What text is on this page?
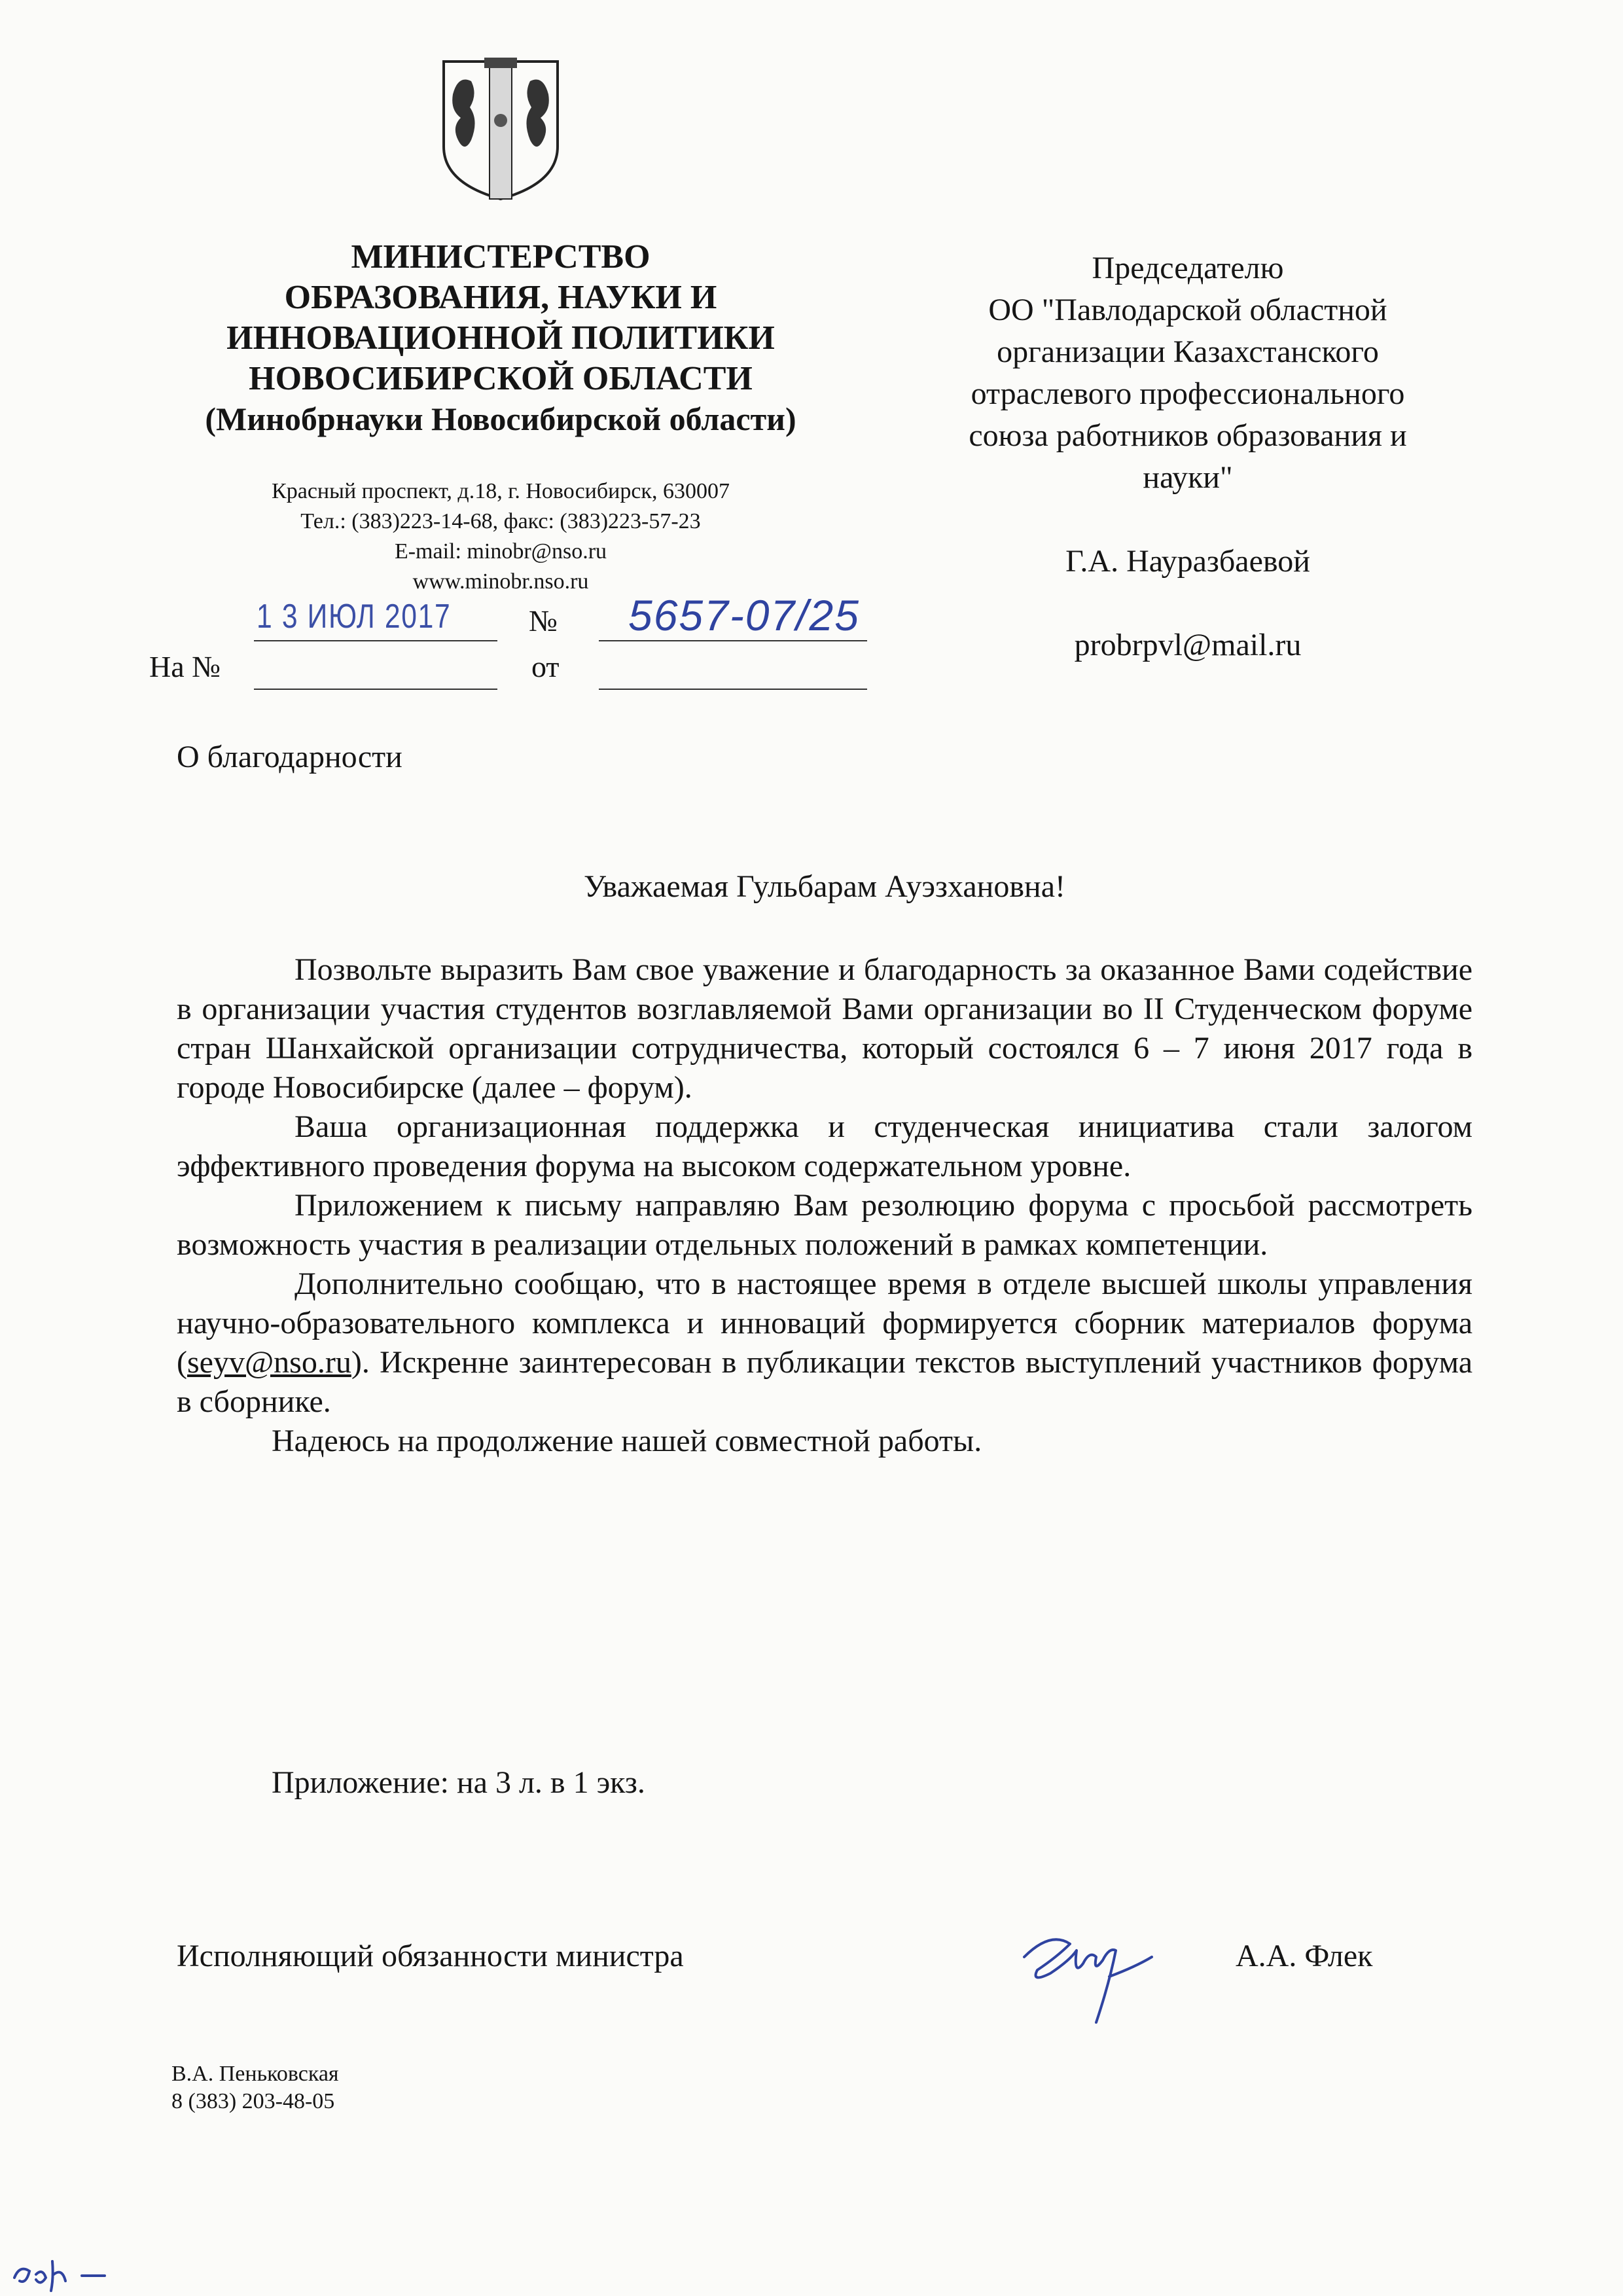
МИНИСТЕРСТВО
ОБРАЗОВАНИЯ, НАУКИ И
ИННОВАЦИОННОЙ ПОЛИТИКИ
НОВОСИБИРСКОЙ ОБЛАСТИ
(Минобрнауки Новосибирской области)
Красный проспект, д.18, г. Новосибирск, 630007
Тел.: (383)223-14-68, факс: (383)223-57-23
E-mail: minobr@nso.ru
www.minobr.nso.ru
1 3 ИЮЛ 2017	№ 5657-07/25
На №	от
Председателю
ОО "Павлодарской областной
организации Казахстанского
отраслевого профессионального
союза работников образования и
науки"
Г.А. Науразбаевой
probrpvl@mail.ru
О благодарности
Уважаемая Гульбарам Ауэзхановна!

Позвольте выразить Вам свое уважение и благодарность за оказанное Вами содействие в организации участия студентов возглавляемой Вами организации во II Студенческом форуме стран Шанхайской организации сотрудничества, который состоялся 6 – 7 июня 2017 года в городе Новосибирске (далее – форум).

Ваша организационная поддержка и студенческая инициатива стали залогом эффективного проведения форума на высоком содержательном уровне.

Приложением к письму направляю Вам резолюцию форума с просьбой рассмотреть возможность участия в реализации отдельных положений в рамках компетенции.

Дополнительно сообщаю, что в настоящее время в отделе высшей школы управления научно-образовательного комплекса и инноваций формируется сборник материалов форума (seyv@nso.ru). Искренне заинтересован в публикации текстов выступлений участников форума в сборнике.

Надеюсь на продолжение нашей совместной работы.

Приложение: на 3 л. в 1 экз.
Исполняющий обязанности министра	А.А. Флек
В.А. Пеньковская
8 (383) 203-48-05
